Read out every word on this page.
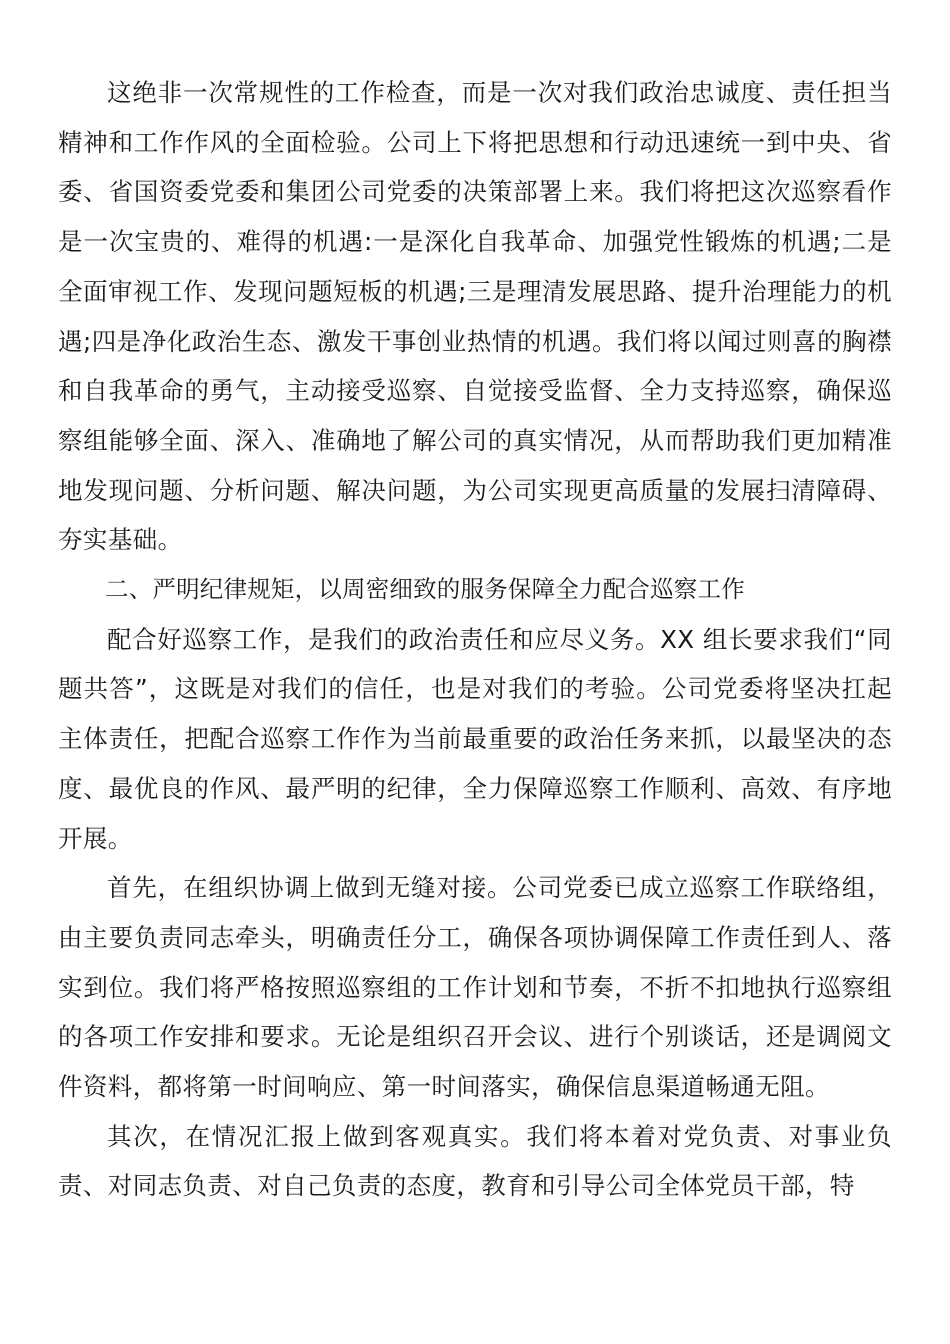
这绝非一次常规性的工作检查，而是一次对我们政治忠诚度、责任担当精神和工作作风的全面检验。公司上下将把思想和行动迅速统一到中央、省委、省国资委党委和集团公司党委的决策部署上来。我们将把这次巡察看作是一次宝贵的、难得的机遇:一是深化自我革命、加强党性锻炼的机遇;二是全面审视工作、发现问题短板的机遇;三是理清发展思路、提升治理能力的机遇;四是净化政治生态、激发干事创业热情的机遇。我们将以闻过则喜的胸襟和自我革命的勇气，主动接受巡察、自觉接受监督、全力支持巡察，确保巡察组能够全面、深入、准确地了解公司的真实情况，从而帮助我们更加精准地发现问题、分析问题、解决问题，为公司实现更高质量的发展扫清障碍、夯实基础。

二、严明纪律规矩，以周密细致的服务保障全力配合巡察工作

配合好巡察工作，是我们的政治责任和应尽义务。XX 组长要求我们“同题共答”，这既是对我们的信任，也是对我们的考验。公司党委将坚决扛起主体责任，把配合巡察工作作为当前最重要的政治任务来抓，以最坚决的态度、最优良的作风、最严明的纪律，全力保障巡察工作顺利、高效、有序地开展。

首先，在组织协调上做到无缝对接。公司党委已成立巡察工作联络组，由主要负责同志牵头，明确责任分工，确保各项协调保障工作责任到人、落实到位。我们将严格按照巡察组的工作计划和节奏，不折不扣地执行巡察组的各项工作安排和要求。无论是组织召开会议、进行个别谈话，还是调阅文件资料，都将第一时间响应、第一时间落实，确保信息渠道畅通无阻。

其次，在情况汇报上做到客观真实。我们将本着对党负责、对事业负责、对同志负责、对自己负责的态度，教育和引导公司全体党员干部，特
